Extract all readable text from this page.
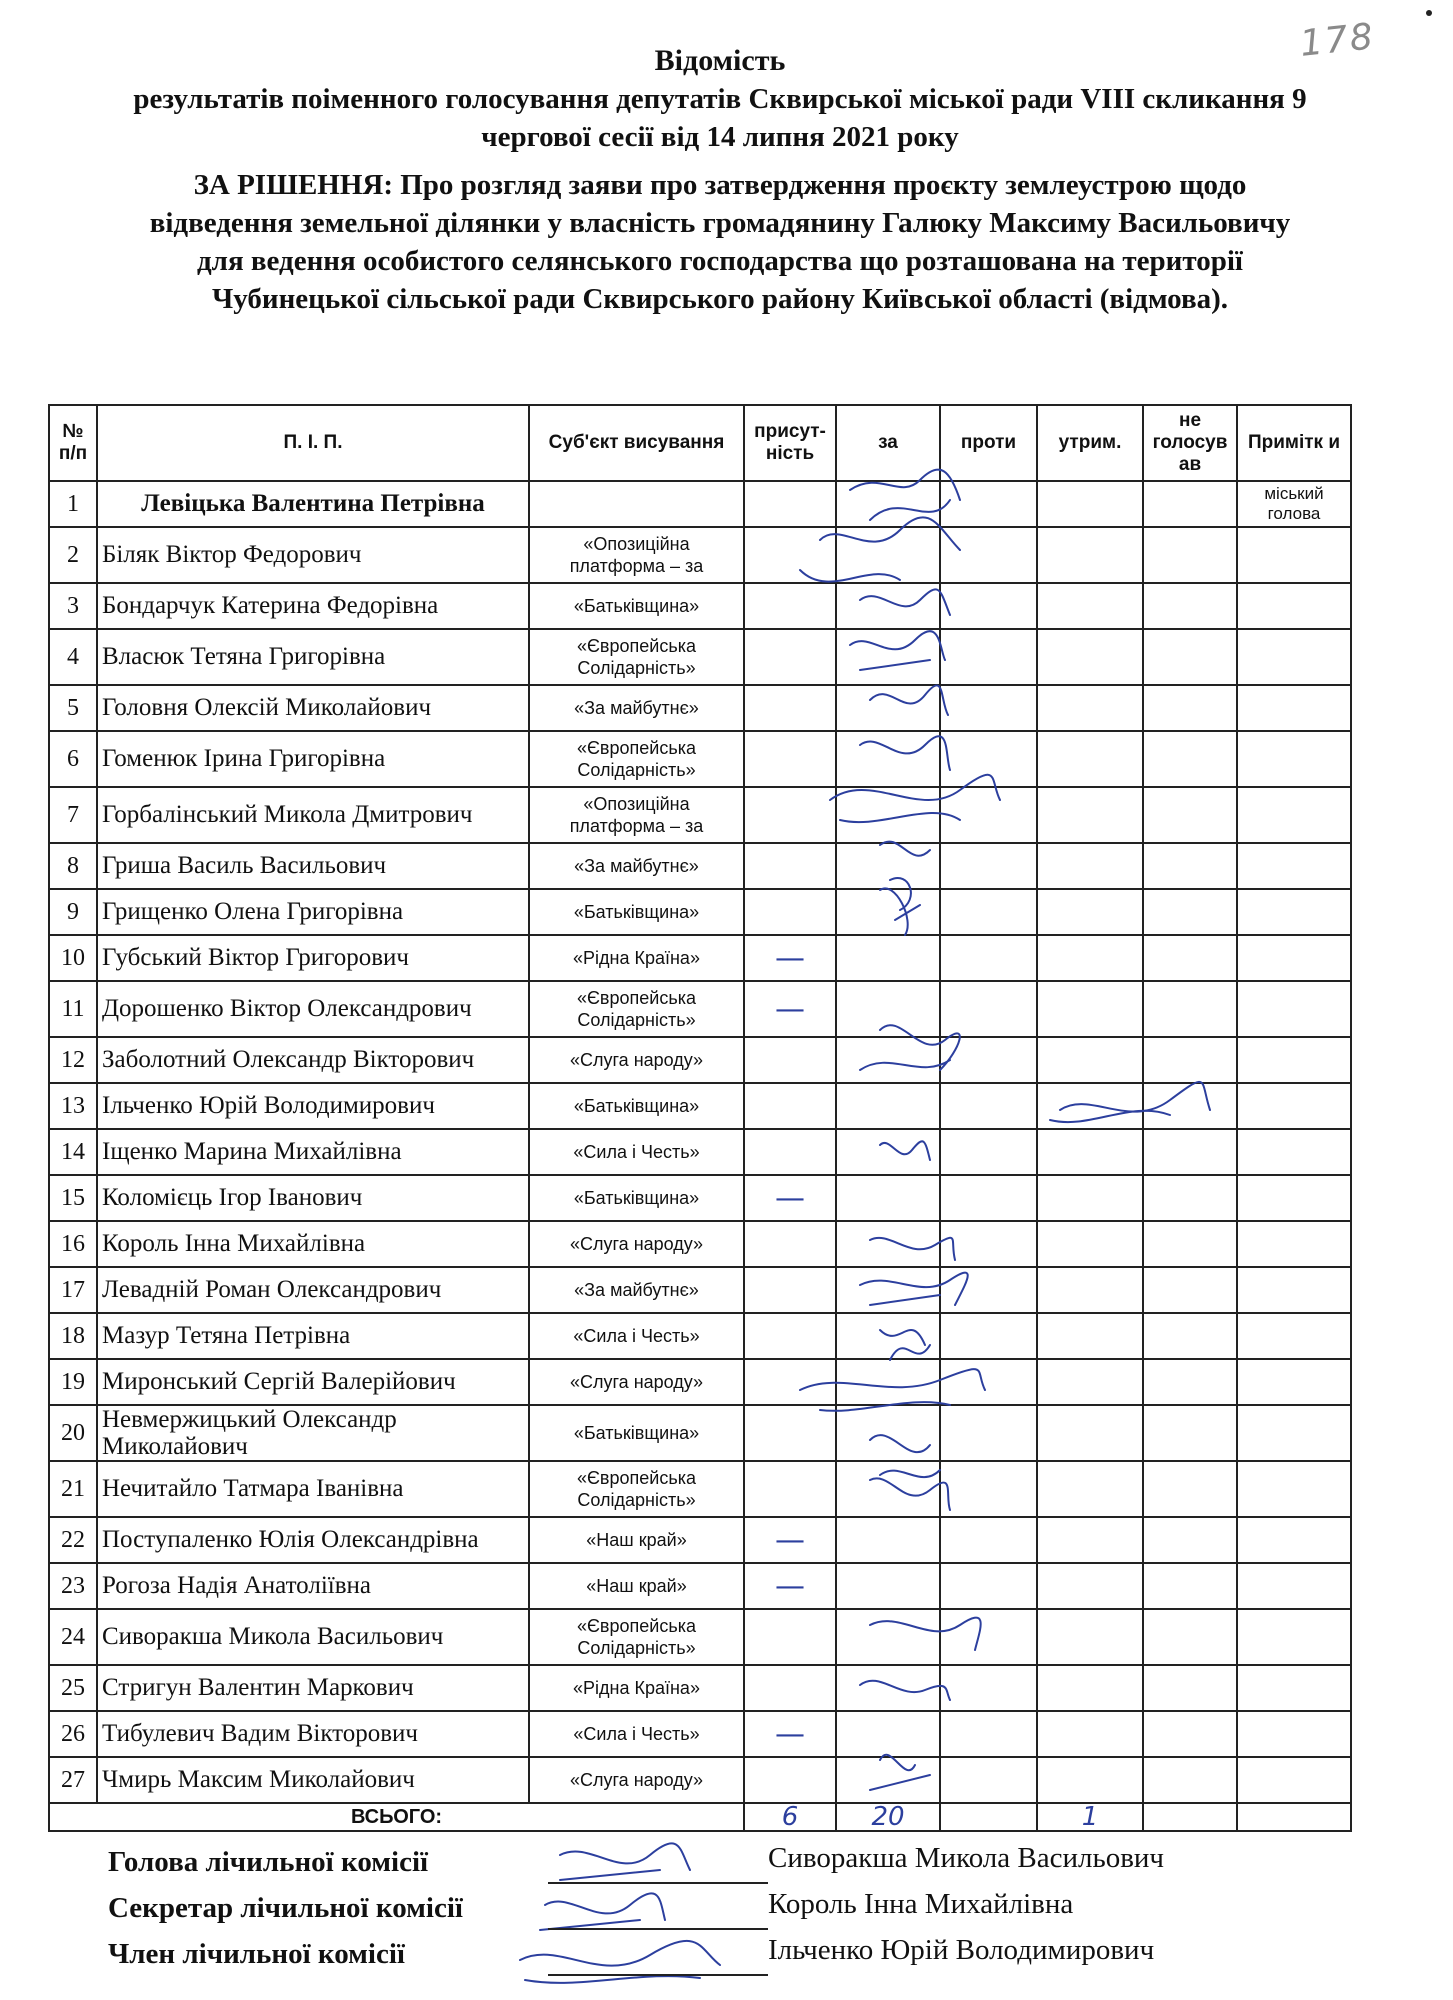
178
Відомість
результатів поіменного голосування депутатів Сквирської міської ради VIII скликання 9
чергової сесії від 14 липня 2021 року
ЗА РІШЕННЯ: Про розгляд заяви про затвердження проєкту землеустрою щодо
відведення земельної ділянки у власність громадянину Галюку Максиму Васильовичу
для ведення особистого селянського господарства що розташована на території
Чубинецької сільської ради Сквирського району Київської області (відмова).
№ п/п	П. І. П.	Суб'єкт висування	присут-ність	за	проти	утрим.	не голосув ав	Примітк и
1	Левіцька Валентина Петрівна							міський голова
2	Біляк Віктор Федорович	«Опозиційна платформа – за						
3	Бондарчук Катерина Федорівна	«Батьківщина»						
4	Власюк Тетяна Григорівна	«Європейська Солідарність»						
5	Головня Олексій Миколайович	«За майбутнє»						
6	Гоменюк Ірина Григорівна	«Європейська Солідарність»						
7	Горбалінський Микола Дмитрович	«Опозиційна платформа – за						
8	Гриша Василь Васильович	«За майбутнє»						
9	Грищенко Олена Григорівна	«Батьківщина»						
10	Губський Віктор Григорович	«Рідна Країна»	—					
11	Дорошенко Віктор Олександрович	«Європейська Солідарність»	—					
12	Заболотний Олександр Вікторович	«Слуга народу»						
13	Ільченко Юрій Володимирович	«Батьківщина»						
14	Іщенко Марина Михайлівна	«Сила і Честь»						
15	Коломієць Ігор Іванович	«Батьківщина»	—					
16	Король Інна Михайлівна	«Слуга народу»						
17	Левадній Роман Олександрович	«За майбутнє»						
18	Мазур Тетяна Петрівна	«Сила і Честь»						
19	Миронський Сергій Валерійович	«Слуга народу»						
20	Невмержицький Олександр Миколайович	«Батьківщина»						
21	Нечитайло Татмара Іванівна	«Європейська Солідарність»						
22	Поступаленко Юлія Олександрівна	«Наш край»	—					
23	Рогоза Надія Анатоліївна	«Наш край»	—					
24	Сиворакша Микола Васильович	«Європейська Солідарність»						
25	Стригун Валентин Маркович	«Рідна Країна»						
26	Тибулевич Вадим Вікторович	«Сила і Честь»	—					
27	Чмирь Максим Миколайович	«Слуга народу»						
ВСЬОГО:			6	20		1		
Голова лічильної комісії	Сиворакша Микола Васильович
Секретар лічильної комісії	Король Інна Михайлівна
Член лічильної комісії	Ільченко Юрій Володимирович
